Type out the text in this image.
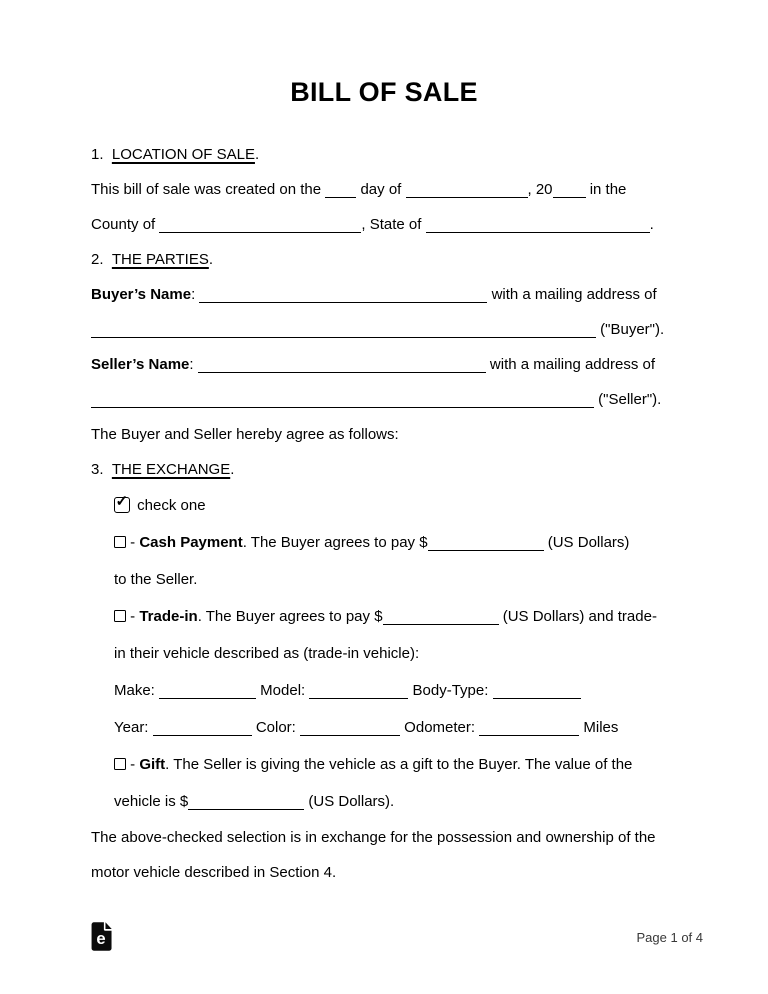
BILL OF SALE
1.  LOCATION OF SALE.
This bill of sale was created on the  day of	, 20 in the
County of	, State of	.
2.  THE PARTIES.
Buyer’s Name:	with a mailing address of
("Buyer").
Seller’s Name:	with a mailing address of
("Seller").
The Buyer and Seller hereby agree as follows:
3.  THE EXCHANGE.
✓ check one
- Cash Payment. The Buyer agrees to pay $	(US Dollars)
to the Seller.
- Trade-in. The Buyer agrees to pay $	(US Dollars) and trade-
in their vehicle described as (trade-in vehicle):
Make:	Model:	Body-Type:
Year:	Color:	Odometer:	Miles
- Gift. The Seller is giving the vehicle as a gift to the Buyer. The value of the
vehicle is $	(US Dollars).
The above-checked selection is in exchange for the possession and ownership of the
motor vehicle described in Section 4.
e	Page 1 of 4
